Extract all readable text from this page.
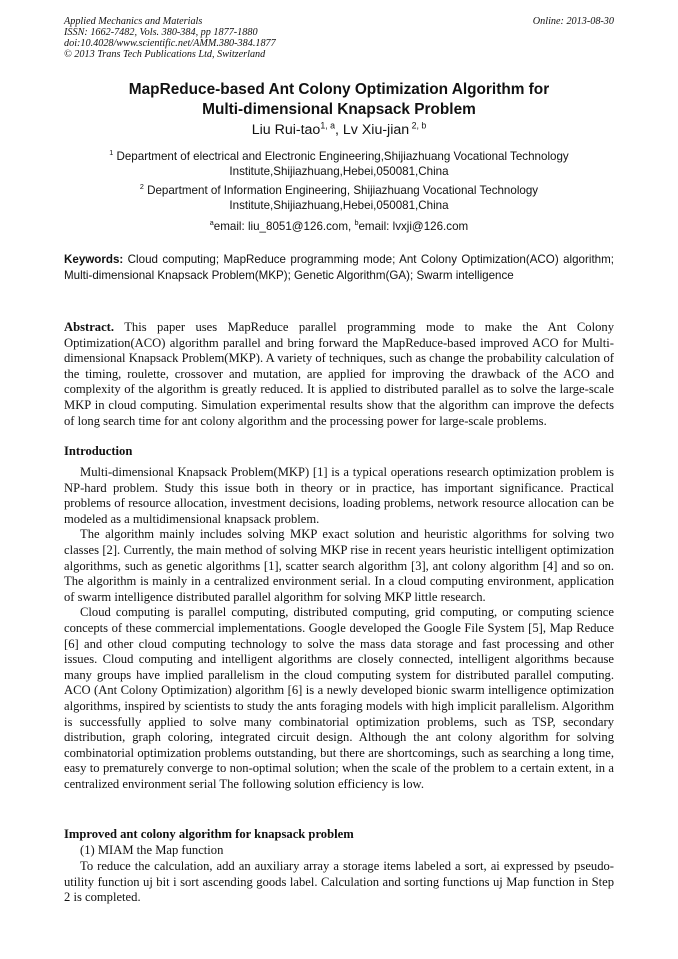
Applied Mechanics and Materials
ISSN: 1662-7482, Vols. 380-384, pp 1877-1880
doi:10.4028/www.scientific.net/AMM.380-384.1877
© 2013 Trans Tech Publications Ltd, Switzerland
Online: 2013-08-30
MapReduce-based Ant Colony Optimization Algorithm for
Multi-dimensional Knapsack Problem
Liu Rui-tao$^{1, a}$, Lv Xiu-jian $^{2, b}$
$^1$ Department of electrical and Electronic Engineering,Shijiazhuang Vocational Technology
Institute,Shijiazhuang,Hebei,050081,China
$^2$ Department of Information Engineering, Shijiazhuang Vocational Technology
Institute,Shijiazhuang,Hebei,050081,China
$^a$email: liu_8051@126.com, $^b$email: lvxji@126.com
Keywords: Cloud computing; MapReduce programming mode; Ant Colony Optimization(ACO) algorithm; Multi-dimensional Knapsack Problem(MKP); Genetic Algorithm(GA); Swarm intelligence
Abstract. This paper uses MapReduce parallel programming mode to make the Ant Colony Optimization(ACO) algorithm parallel and bring forward the MapReduce-based improved ACO for Multi-dimensional Knapsack Problem(MKP). A variety of techniques, such as change the probability calculation of the timing, roulette, crossover and mutation, are applied for improving the drawback of the ACO and complexity of the algorithm is greatly reduced. It is applied to distributed parallel as to solve the large-scale MKP in cloud computing. Simulation experimental results show that the algorithm can improve the defects of long search time for ant colony algorithm and the processing power for large-scale problems.
Introduction

Multi-dimensional Knapsack Problem(MKP) [1] is a typical operations research optimization problem is NP-hard problem. Study this issue both in theory or in practice, has important significance. Practical problems of resource allocation, investment decisions, loading problems, network resource allocation can be modeled as a multidimensional knapsack problem.

The algorithm mainly includes solving MKP exact solution and heuristic algorithms for solving two classes [2]. Currently, the main method of solving MKP rise in recent years heuristic intelligent optimization algorithms, such as genetic algorithms [1], scatter search algorithm [3], ant colony algorithm [4] and so on. The algorithm is mainly in a centralized environment serial. In a cloud computing environment, application of swarm intelligence distributed parallel algorithm for solving MKP little research.

Cloud computing is parallel computing, distributed computing, grid computing, or computing science concepts of these commercial implementations. Google developed the Google File System [5], Map Reduce [6] and other cloud computing technology to solve the mass data storage and fast processing and other issues. Cloud computing and intelligent algorithms are closely connected, intelligent algorithms because many groups have implied parallelism in the cloud computing system for distributed parallel computing. ACO (Ant Colony Optimization) algorithm [6] is a newly developed bionic swarm intelligence optimization algorithms, inspired by scientists to study the ants foraging models with high implicit parallelism. Algorithm is successfully applied to solve many combinatorial optimization problems, such as TSP, secondary distribution, graph coloring, integrated circuit design. Although the ant colony algorithm for solving combinatorial optimization problems outstanding, but there are shortcomings, such as searching a long time, easy to prematurely converge to non-optimal solution; when the scale of the problem to a certain extent, in a centralized environment serial The following solution efficiency is low.

Improved ant colony algorithm for knapsack problem
(1) MIAM the Map function

To reduce the calculation, add an auxiliary array a storage items labeled a sort, ai expressed by pseudo-utility function uj bit i sort ascending goods label. Calculation and sorting functions uj Map function in Step 2 is completed.
